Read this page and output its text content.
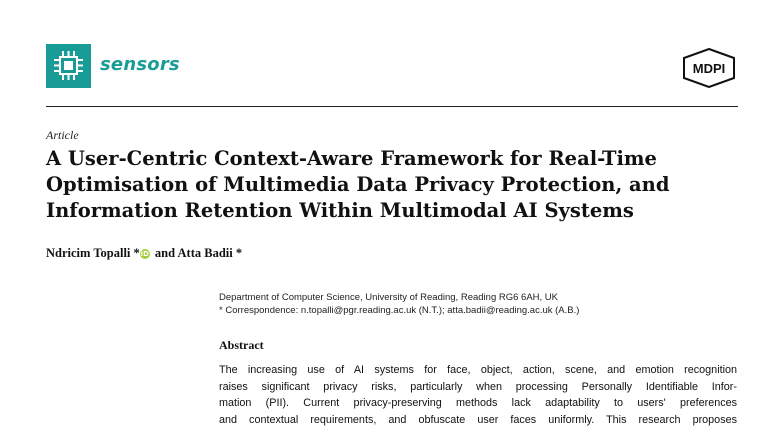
sensors	MDPI
Article
A User-Centric Context-Aware Framework for Real-Time
Optimisation of Multimedia Data Privacy Protection, and
Information Retention Within Multimodal AI Systems
Ndricim Topalli *iD and Atta Badii *
Department of Computer Science, University of Reading, Reading RG6 6AH, UK
* Correspondence: n.topalli@pgr.reading.ac.uk (N.T.); atta.badii@reading.ac.uk (A.B.)
Abstract
The increasing use of AI systems for face, object, action, scene, and emotion recognition
raises significant privacy risks, particularly when processing Personally Identifiable Infor-
mation (PII). Current privacy-preserving methods lack adaptability to users' preferences
and contextual requirements, and obfuscate user faces uniformly. This research proposes
